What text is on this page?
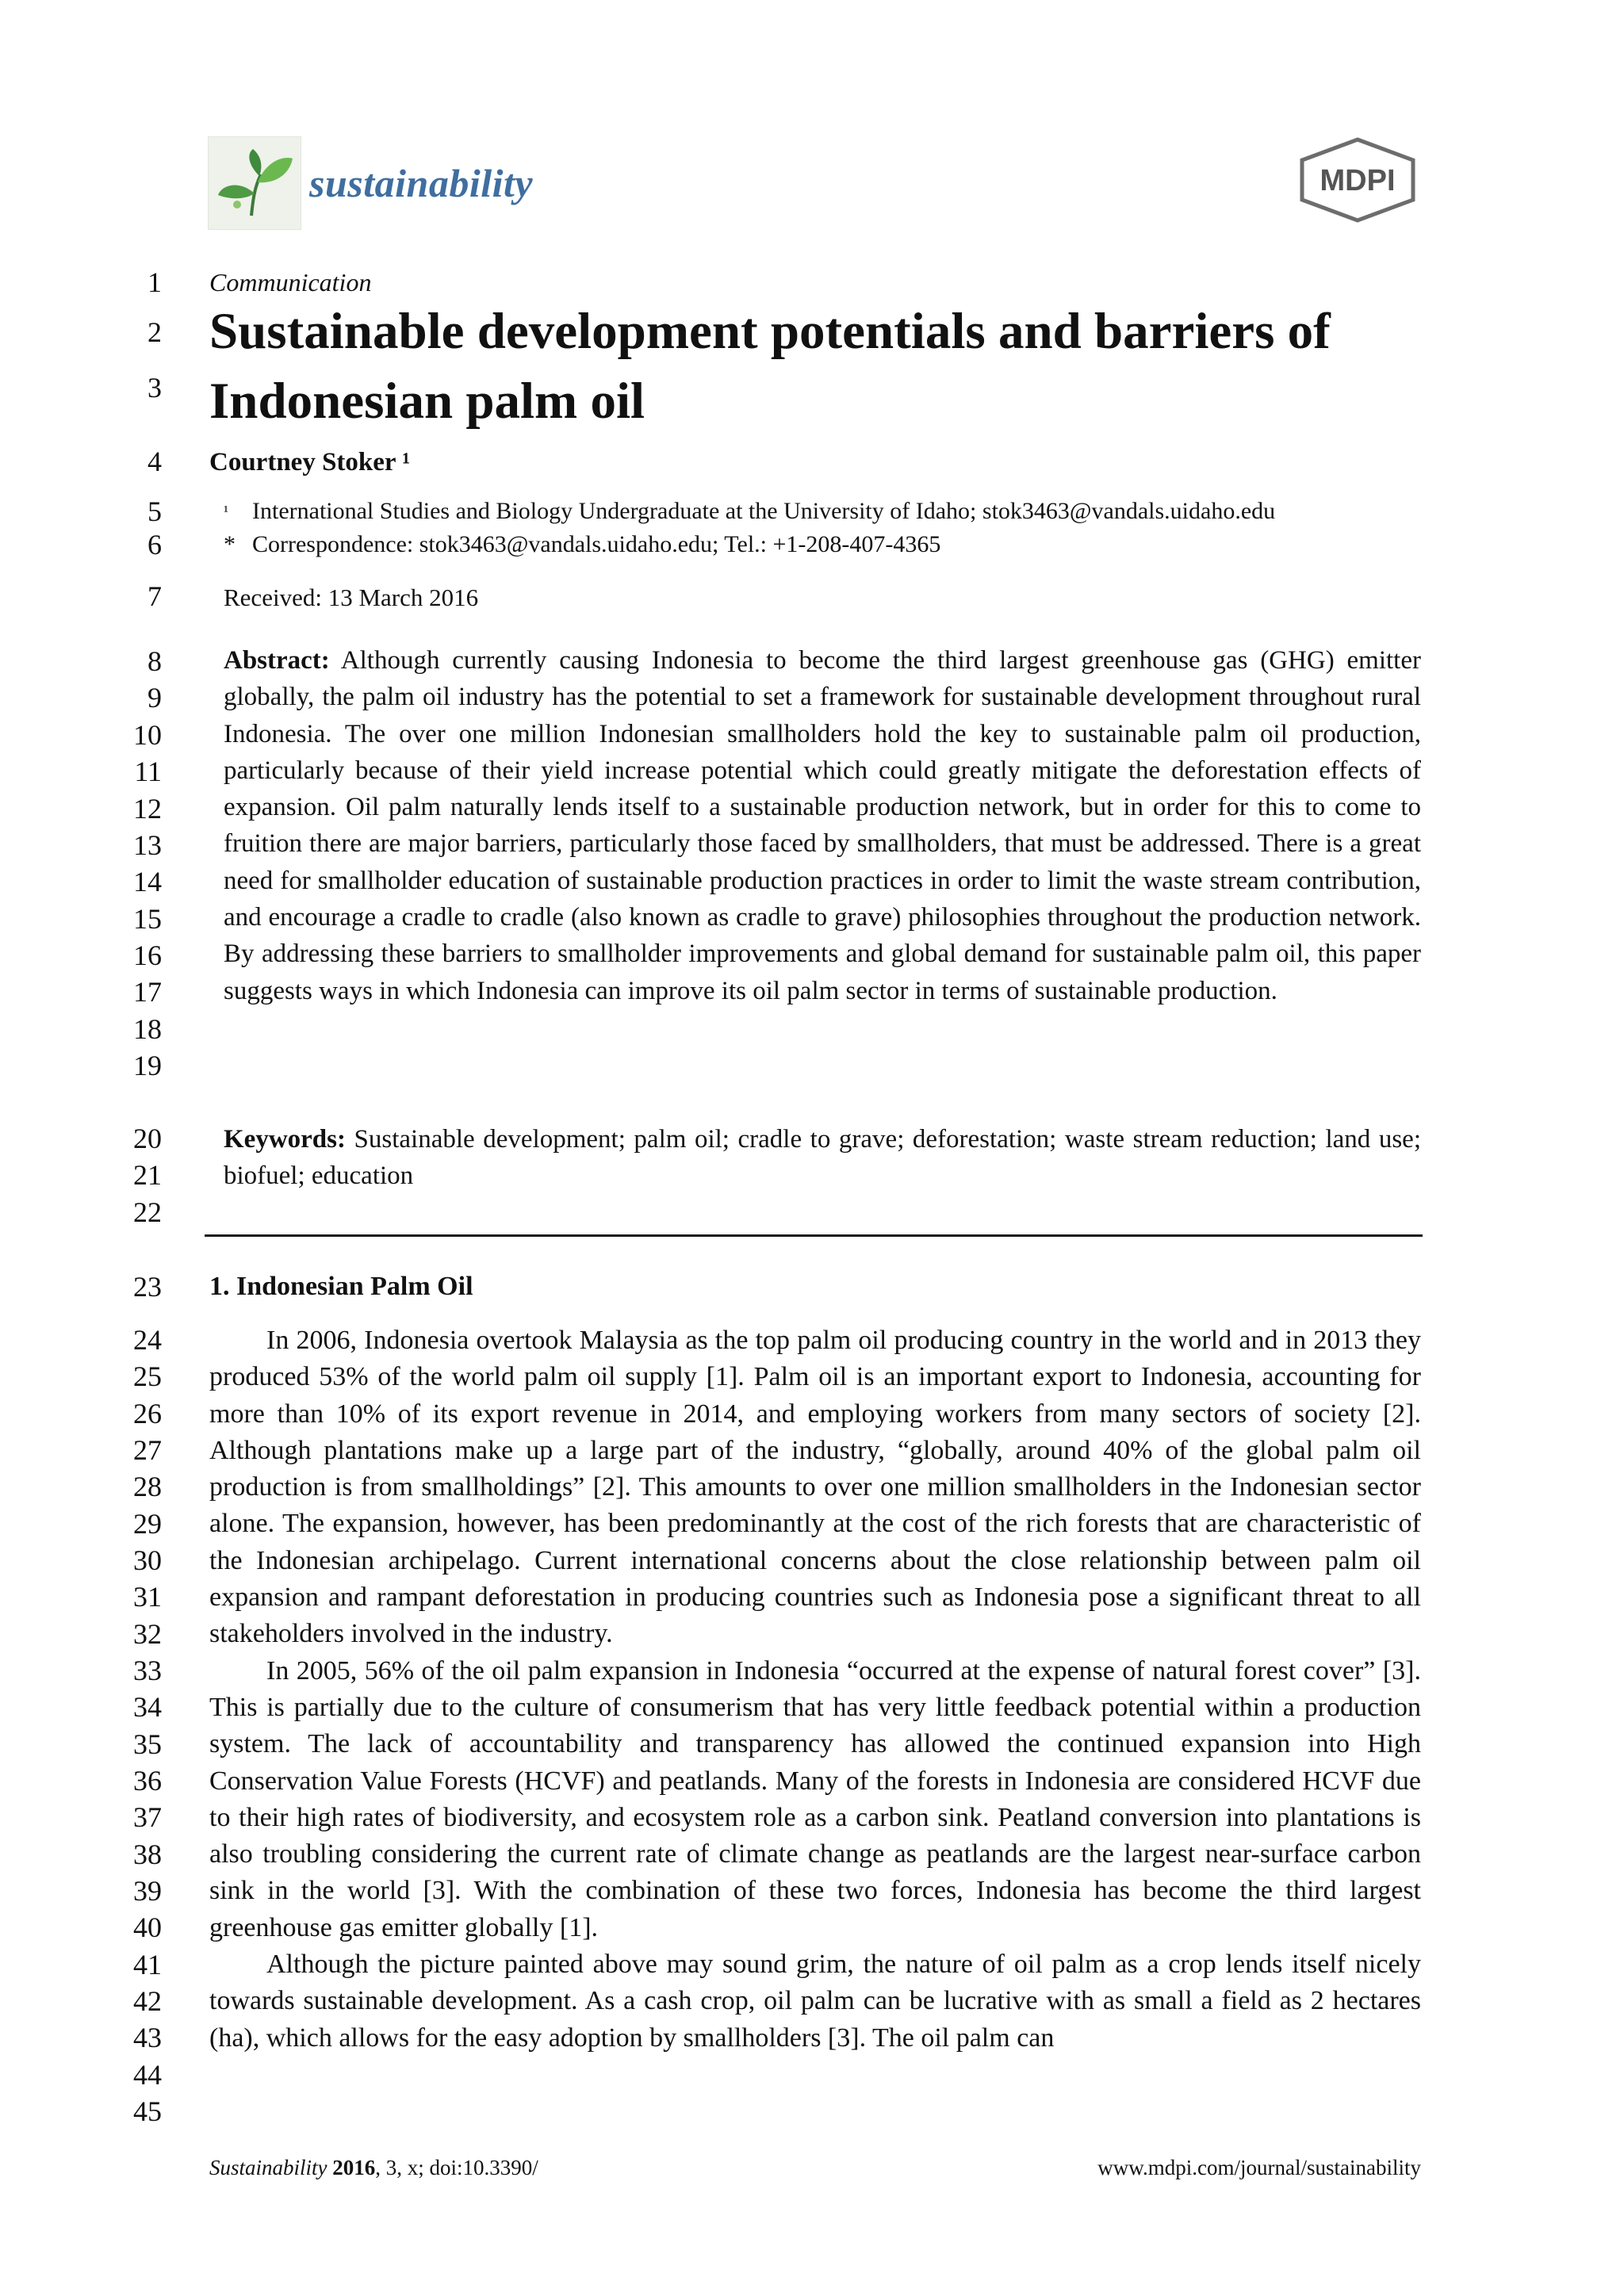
sustainability	MDPI
1
2
3
4
5
6
7
8
9
10
11
12
13
14
15
16
17
18
19
20
21
22
23
24
25
26
27
28
29
30
31
32
33
34
35
36
37
38
39
40
41
42
43
44
45
Communication
Sustainable development potentials and barriers of Indonesian palm oil
Courtney Stoker ¹
¹ International Studies and Biology Undergraduate at the University of Idaho; stok3463@vandals.uidaho.edu
* Correspondence: stok3463@vandals.uidaho.edu; Tel.: +1-208-407-4365
Received: 13 March 2016
Abstract: Although currently causing Indonesia to become the third largest greenhouse gas (GHG) emitter globally, the palm oil industry has the potential to set a framework for sustainable development throughout rural Indonesia. The over one million Indonesian smallholders hold the key to sustainable palm oil production, particularly because of their yield increase potential which could greatly mitigate the deforestation effects of expansion. Oil palm naturally lends itself to a sustainable production network, but in order for this to come to fruition there are major barriers, particularly those faced by smallholders, that must be addressed. There is a great need for smallholder education of sustainable production practices in order to limit the waste stream contribution, and encourage a cradle to cradle (also known as cradle to grave) philosophies throughout the production network. By addressing these barriers to smallholder improvements and global demand for sustainable palm oil, this paper suggests ways in which Indonesia can improve its oil palm sector in terms of sustainable production.
Keywords: Sustainable development; palm oil; cradle to grave; deforestation; waste stream reduction; land use; biofuel; education
1. Indonesian Palm Oil

In 2006, Indonesia overtook Malaysia as the top palm oil producing country in the world and in 2013 they produced 53% of the world palm oil supply [1]. Palm oil is an important export to Indonesia, accounting for more than 10% of its export revenue in 2014, and employing workers from many sectors of society [2]. Although plantations make up a large part of the industry, “globally, around 40% of the global palm oil production is from smallholdings” [2]. This amounts to over one million smallholders in the Indonesian sector alone. The expansion, however, has been predominantly at the cost of the rich forests that are characteristic of the Indonesian archipelago. Current international concerns about the close relationship between palm oil expansion and rampant deforestation in producing countries such as Indonesia pose a significant threat to all stakeholders involved in the industry.

In 2005, 56% of the oil palm expansion in Indonesia “occurred at the expense of natural forest cover” [3]. This is partially due to the culture of consumerism that has very little feedback potential within a production system. The lack of accountability and transparency has allowed the continued expansion into High Conservation Value Forests (HCVF) and peatlands. Many of the forests in Indonesia are considered HCVF due to their high rates of biodiversity, and ecosystem role as a carbon sink. Peatland conversion into plantations is also troubling considering the current rate of climate change as peatlands are the largest near-surface carbon sink in the world [3]. With the combination of these two forces, Indonesia has become the third largest greenhouse gas emitter globally [1].

Although the picture painted above may sound grim, the nature of oil palm as a crop lends itself nicely towards sustainable development. As a cash crop, oil palm can be lucrative with as small a field as 2 hectares (ha), which allows for the easy adoption by smallholders [3]. The oil palm can

Sustainability 2016, 3, x; doi:10.3390/	www.mdpi.com/journal/sustainability
